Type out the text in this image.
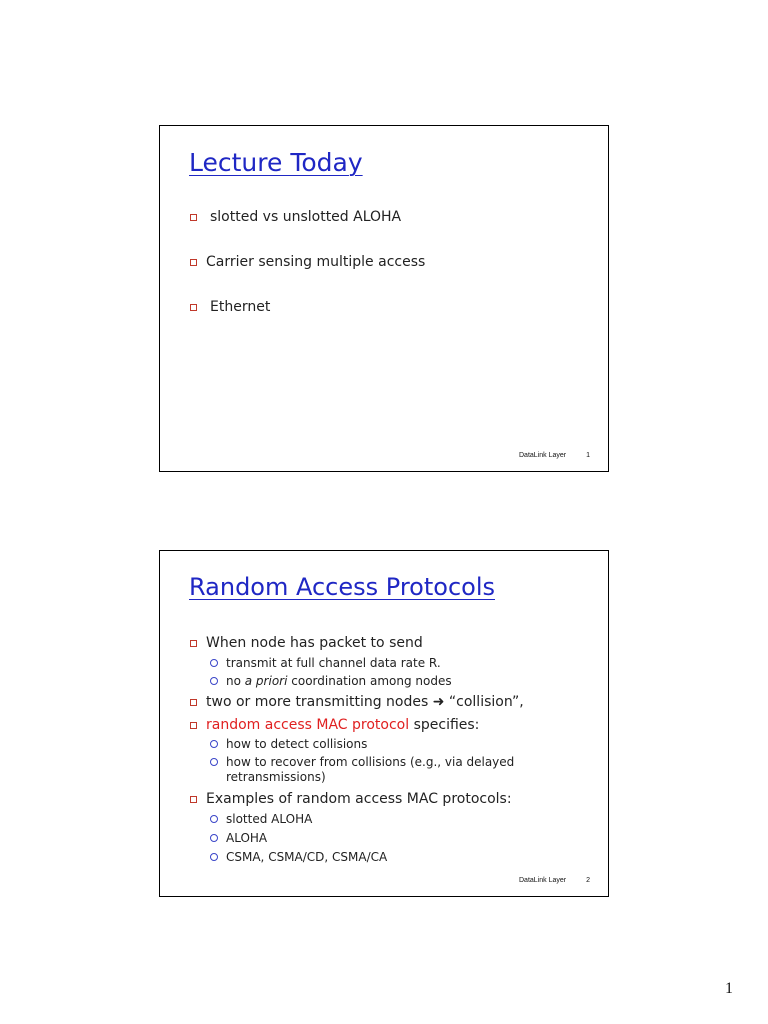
Lecture Today
slotted vs unslotted ALOHA
Carrier sensing multiple access
Ethernet
DataLink Layer	1
Random Access Protocols
When node has packet to send
transmit at full channel data rate R.
no a priori coordination among nodes
two or more transmitting nodes ➜ “collision”,
random access MAC protocol specifies:
how to detect collisions
how to recover from collisions (e.g., via delayed retransmissions)
Examples of random access MAC protocols:
slotted ALOHA
ALOHA
CSMA, CSMA/CD, CSMA/CA
DataLink Layer	2
1
